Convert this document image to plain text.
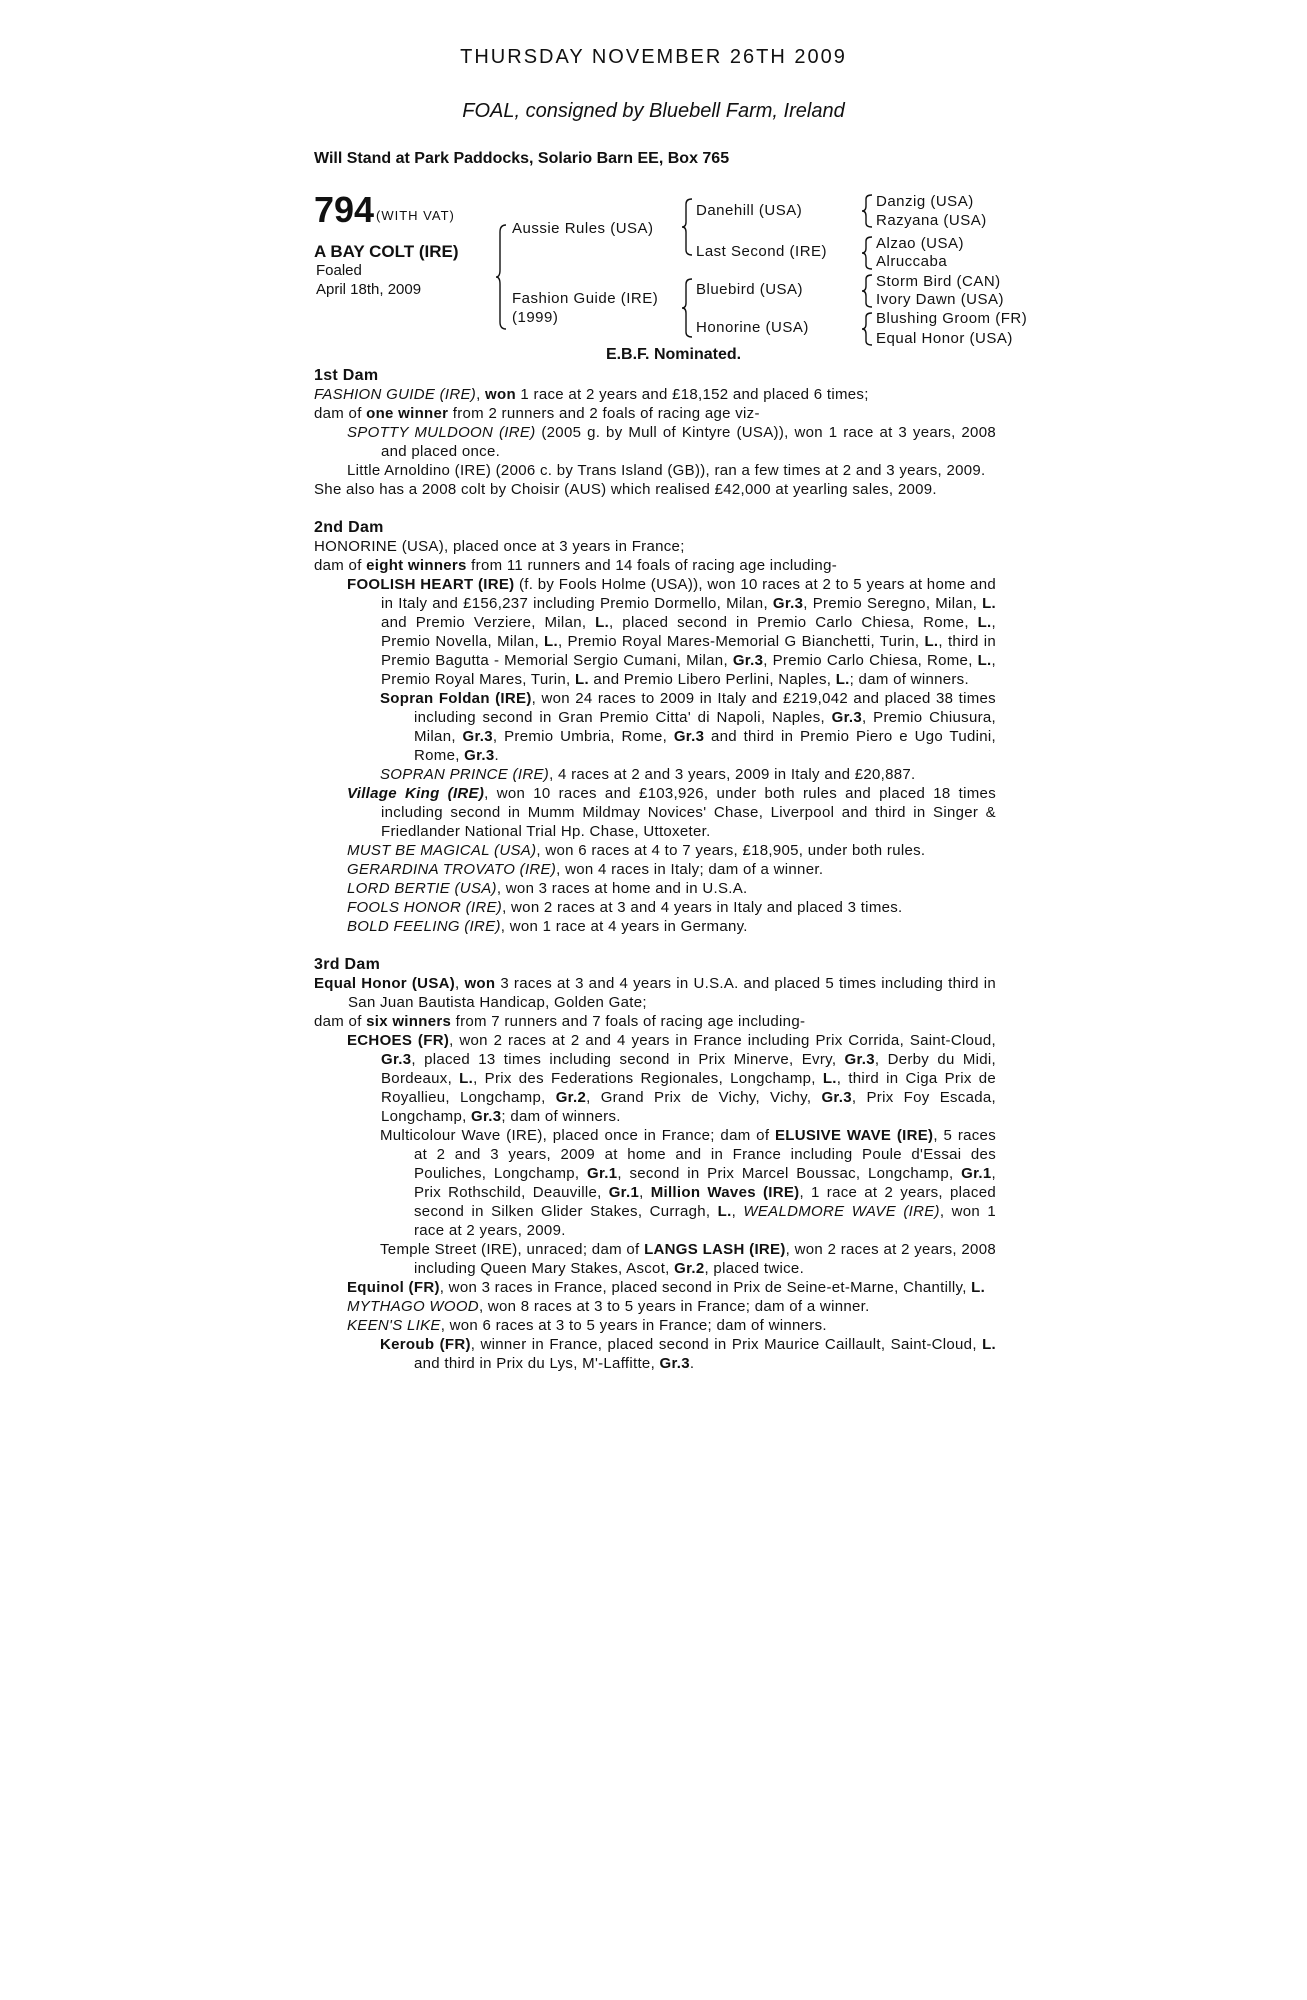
THURSDAY NOVEMBER 26TH 2009
FOAL, consigned by Bluebell Farm, Ireland
Will Stand at Park Paddocks, Solario Barn EE, Box 765
794 (WITH VAT)
A BAY COLT (IRE)
Foaled
April 18th, 2009
Aussie Rules (USA)
Fashion Guide (IRE)
(1999)
Danehill (USA)
Last Second (IRE)
Bluebird (USA)
Honorine (USA)
Danzig (USA)
Razyana (USA)
Alzao (USA)
Alruccaba
Storm Bird (CAN)
Ivory Dawn (USA)
Blushing Groom (FR)
Equal Honor (USA)
E.B.F. Nominated.
1st Dam

FASHION GUIDE (IRE), won 1 race at 2 years and £18,152 and placed 6 times;

dam of one winner from 2 runners and 2 foals of racing age viz-

SPOTTY MULDOON (IRE) (2005 g. by Mull of Kintyre (USA)), won 1 race at 3 years, 2008 and placed once.

Little Arnoldino (IRE) (2006 c. by Trans Island (GB)), ran a few times at 2 and 3 years, 2009.

She also has a 2008 colt by Choisir (AUS) which realised £42,000 at yearling sales, 2009.

2nd Dam

HONORINE (USA), placed once at 3 years in France;

dam of eight winners from 11 runners and 14 foals of racing age including-

FOOLISH HEART (IRE) (f. by Fools Holme (USA)), won 10 races at 2 to 5 years at home and in Italy and £156,237 including Premio Dormello, Milan, Gr.3, Premio Seregno, Milan, L. and Premio Verziere, Milan, L., placed second in Premio Carlo Chiesa, Rome, L., Premio Novella, Milan, L., Premio Royal Mares-Memorial G Bianchetti, Turin, L., third in Premio Bagutta - Memorial Sergio Cumani, Milan, Gr.3, Premio Carlo Chiesa, Rome, L., Premio Royal Mares, Turin, L. and Premio Libero Perlini, Naples, L.; dam of winners.

Sopran Foldan (IRE), won 24 races to 2009 in Italy and £219,042 and placed 38 times including second in Gran Premio Citta' di Napoli, Naples, Gr.3, Premio Chiusura, Milan, Gr.3, Premio Umbria, Rome, Gr.3 and third in Premio Piero e Ugo Tudini, Rome, Gr.3.

SOPRAN PRINCE (IRE), 4 races at 2 and 3 years, 2009 in Italy and £20,887.

Village King (IRE), won 10 races and £103,926, under both rules and placed 18 times including second in Mumm Mildmay Novices' Chase, Liverpool and third in Singer & Friedlander National Trial Hp. Chase, Uttoxeter.

MUST BE MAGICAL (USA), won 6 races at 4 to 7 years, £18,905, under both rules.

GERARDINA TROVATO (IRE), won 4 races in Italy; dam of a winner.

LORD BERTIE (USA), won 3 races at home and in U.S.A.

FOOLS HONOR (IRE), won 2 races at 3 and 4 years in Italy and placed 3 times.

BOLD FEELING (IRE), won 1 race at 4 years in Germany.

3rd Dam

Equal Honor (USA), won 3 races at 3 and 4 years in U.S.A. and placed 5 times including third in San Juan Bautista Handicap, Golden Gate;

dam of six winners from 7 runners and 7 foals of racing age including-

ECHOES (FR), won 2 races at 2 and 4 years in France including Prix Corrida, Saint-Cloud, Gr.3, placed 13 times including second in Prix Minerve, Evry, Gr.3, Derby du Midi, Bordeaux, L., Prix des Federations Regionales, Longchamp, L., third in Ciga Prix de Royallieu, Longchamp, Gr.2, Grand Prix de Vichy, Vichy, Gr.3, Prix Foy Escada, Longchamp, Gr.3; dam of winners.

Multicolour Wave (IRE), placed once in France; dam of ELUSIVE WAVE (IRE), 5 races at 2 and 3 years, 2009 at home and in France including Poule d'Essai des Pouliches, Longchamp, Gr.1, second in Prix Marcel Boussac, Longchamp, Gr.1, Prix Rothschild, Deauville, Gr.1, Million Waves (IRE), 1 race at 2 years, placed second in Silken Glider Stakes, Curragh, L., WEALDMORE WAVE (IRE), won 1 race at 2 years, 2009.

Temple Street (IRE), unraced; dam of LANGS LASH (IRE), won 2 races at 2 years, 2008 including Queen Mary Stakes, Ascot, Gr.2, placed twice.

Equinol (FR), won 3 races in France, placed second in Prix de Seine-et-Marne, Chantilly, L.

MYTHAGO WOOD, won 8 races at 3 to 5 years in France; dam of a winner.

KEEN'S LIKE, won 6 races at 3 to 5 years in France; dam of winners.

Keroub (FR), winner in France, placed second in Prix Maurice Caillault, Saint-Cloud, L. and third in Prix du Lys, M'-Laffitte, Gr.3.
